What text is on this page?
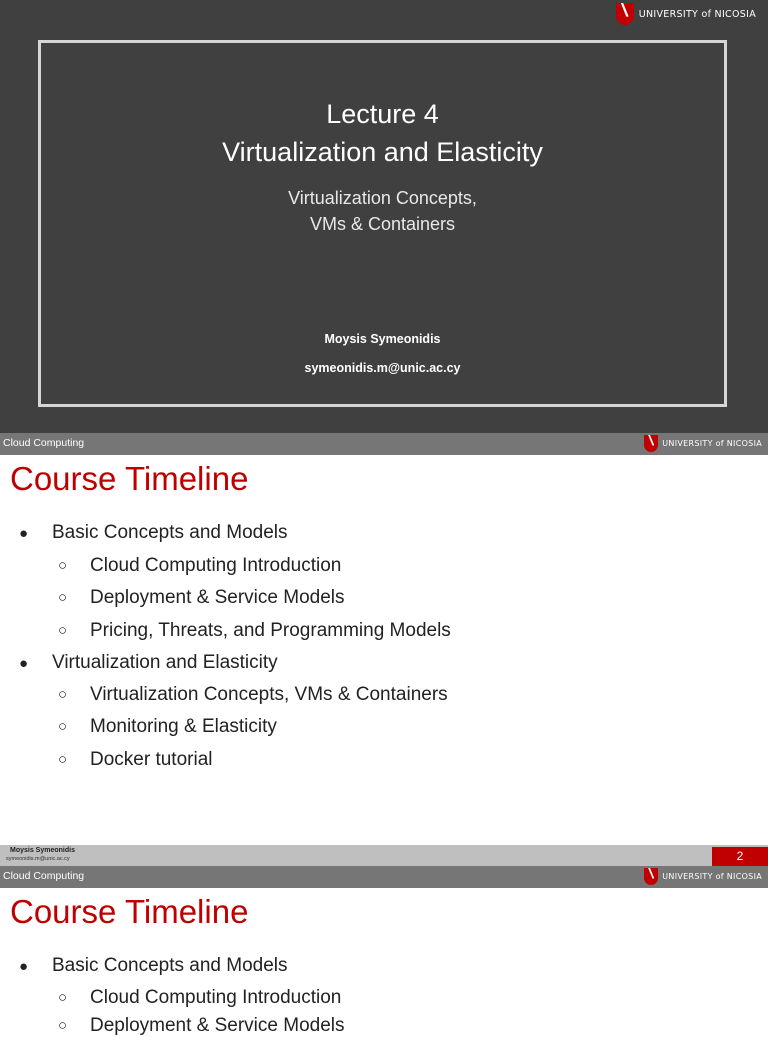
UNIVERSITY of NICOSIA
Lecture 4
Virtualization and Elasticity
Virtualization Concepts,
VMs & Containers
Moysis Symeonidis
symeonidis.m@unic.ac.cy
Cloud Computing	UNIVERSITY of NICOSIA
Course Timeline
● Basic Concepts and Models
○ Cloud Computing Introduction
○ Deployment & Service Models
○ Pricing, Threats, and Programming Models
● Virtualization and Elasticity
○ Virtualization Concepts, VMs & Containers
○ Monitoring & Elasticity
○ Docker tutorial
Moysis Symeonidis
symeonidis.m@unic.ac.cy	2
Cloud Computing	UNIVERSITY of NICOSIA
Course Timeline
● Basic Concepts and Models
○ Cloud Computing Introduction
○ Deployment & Service Models
